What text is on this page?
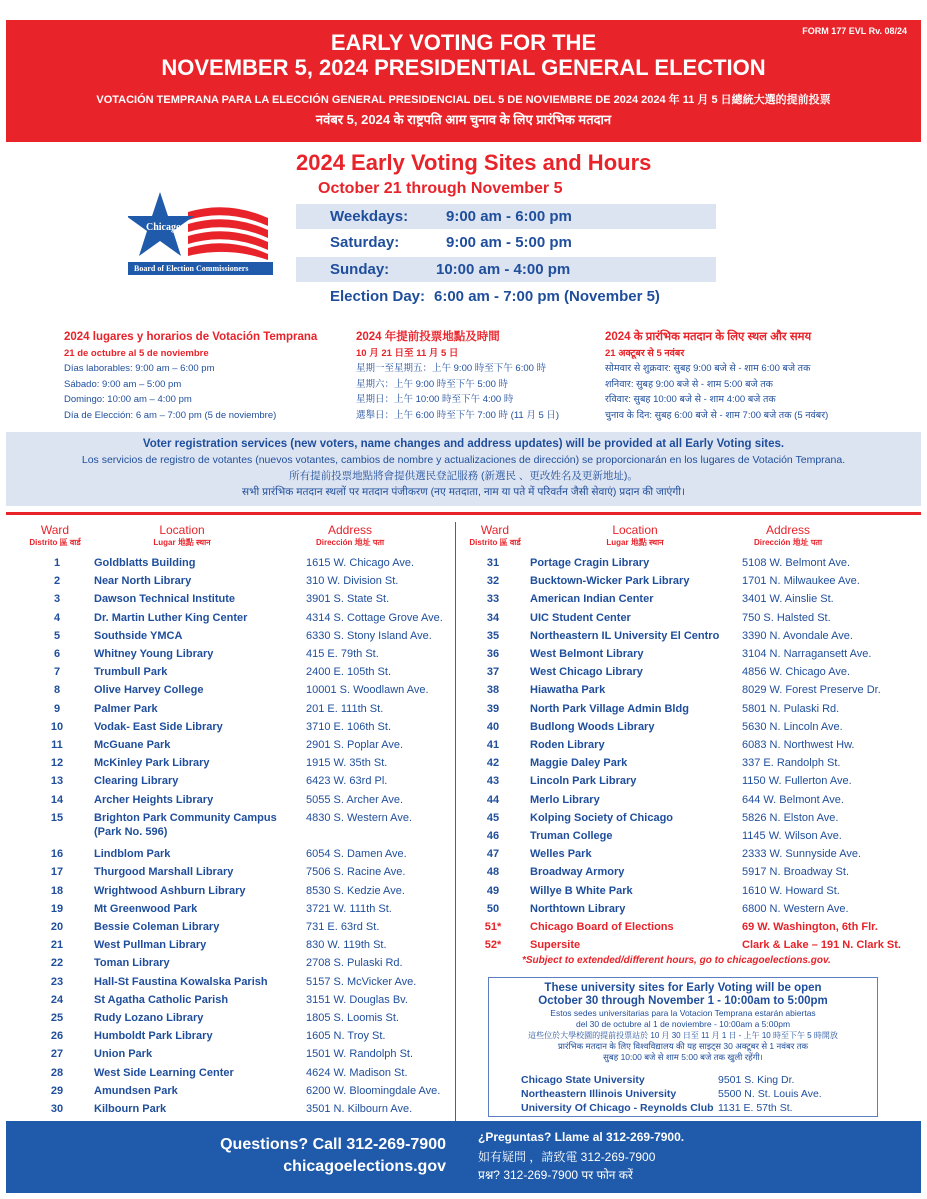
FORM 177 EVL Rv. 08/24
EARLY VOTING FOR THE
NOVEMBER 5, 2024 PRESIDENTIAL GENERAL ELECTION
VOTACIÓN TEMPRANA PARA LA ELECCIÓN GENERAL PRESIDENCIAL DEL 5 DE NOVIEMBRE DE 2024 2024 年 11 月 5 日總統大選的提前投票
नवंबर 5, 2024 के राष्ट्रपति आम चुनाव के लिए प्रारंभिक मतदान
Chicago
Board of Election Commissioners
2024 Early Voting Sites and Hours
October 21 through November 5
Weekdays:	9:00 am - 6:00 pm
Saturday:	9:00 am - 5:00 pm
Sunday:	10:00 am - 4:00 pm
Election Day: 6:00 am - 7:00 pm (November 5)
2024 lugares y horarios de Votación Temprana
21 de octubre al 5 de noviembre
Días laborables: 9:00 am – 6:00 pm
Sábado: 9:00 am – 5:00 pm
Domingo: 10:00 am – 4:00 pm
Día de Elección: 6 am – 7:00 pm (5 de noviembre)
2024 年提前投票地點及時間
10 月 21 日至 11 月 5 日
星期一至星期五：上午 9:00 時至下午 6:00 時
星期六：上午 9:00 時至下午 5:00 時
星期日：上午 10:00 時至下午 4:00 時
選舉日：上午 6:00 時至下午 7:00 時 (11 月 5 日)
2024 के प्रारंभिक मतदान के लिए स्थल और समय
21 अक्टूबर से 5 नवंबर
सोमवार से शुक्रवार: सुबह 9:00 बजे से - शाम 6:00 बजे तक
शनिवार: सुबह 9:00 बजे से - शाम 5:00 बजे तक
रविवार: सुबह 10:00 बजे से - शाम 4:00 बजे तक
चुनाव के दिन: सुबह 6:00 बजे से - शाम 7:00 बजे तक (5 नवंबर)
Voter registration services (new voters, name changes and address updates) will be provided at all Early Voting sites.
Los servicios de registro de votantes (nuevos votantes, cambios de nombre y actualizaciones de dirección) se proporcionarán en los lugares de Votación Temprana.
所有提前投票地點將會提供選民登記服務 (新選民 、更改姓名及更新地址)。
सभी प्रारंभिक मतदान स्थलों पर मतदान पंजीकरण (नए मतदाता, नाम या पते में परिवर्तन जैसी सेवाएं) प्रदान की जाएंगी।
Ward
Distrito 區 वार्ड
Location
Lugar 地點 स्थान
Address
Dirección 地址 पता
Ward
Distrito 區 वार्ड
Location
Lugar 地點 स्थान
Address
Dirección 地址 पता
1	Goldblatts Building	1615 W. Chicago Ave.
2	Near North Library	310 W. Division St.
3	Dawson Technical Institute	3901 S. State St.
4	Dr. Martin Luther King Center	4314 S. Cottage Grove Ave.
5	Southside YMCA	6330 S. Stony Island Ave.
6	Whitney Young Library	415 E. 79th St.
7	Trumbull Park	2400 E. 105th St.
8	Olive Harvey College	10001 S. Woodlawn Ave.
9	Palmer Park	201 E. 111th St.
10	Vodak- East Side Library	3710 E. 106th St.
11	McGuane Park	2901 S. Poplar Ave.
12	McKinley Park Library	1915 W. 35th St.
13	Clearing Library	6423 W. 63rd Pl.
14	Archer Heights Library	5055 S. Archer Ave.
15	Brighton Park Community Campus	4830 S. Western Ave.
(Park No. 596)
16	Lindblom Park	6054 S. Damen Ave.
17	Thurgood Marshall Library	7506 S. Racine Ave.
18	Wrightwood Ashburn Library	8530 S. Kedzie Ave.
19	Mt Greenwood Park	3721 W. 111th St.
20	Bessie Coleman Library	731 E. 63rd St.
21	West Pullman Library	830 W. 119th St.
22	Toman Library	2708 S. Pulaski Rd.
23	Hall-St Faustina Kowalska Parish	5157 S. McVicker Ave.
24	St Agatha Catholic Parish	3151 W. Douglas Bv.
25	Rudy Lozano Library	1805 S. Loomis St.
26	Humboldt Park Library	1605 N. Troy St.
27	Union Park	1501 W. Randolph St.
28	West Side Learning Center	4624 W. Madison St.
29	Amundsen Park	6200 W. Bloomingdale Ave.
30	Kilbourn Park	3501 N. Kilbourn Ave.
31	Portage Cragin Library	5108 W. Belmont Ave.
32	Bucktown-Wicker Park Library	1701 N. Milwaukee Ave.
33	American Indian Center	3401 W. Ainslie St.
34	UIC Student Center	750 S. Halsted St.
35	Northeastern IL University El Centro	3390 N. Avondale Ave.
36	West Belmont Library	3104 N. Narragansett Ave.
37	West Chicago Library	4856 W. Chicago Ave.
38	Hiawatha Park	8029 W. Forest Preserve Dr.
39	North Park Village Admin Bldg	5801 N. Pulaski Rd.
40	Budlong Woods Library	5630 N. Lincoln Ave.
41	Roden Library	6083 N. Northwest Hw.
42	Maggie Daley Park	337 E. Randolph St.
43	Lincoln Park Library	1150 W. Fullerton Ave.
44	Merlo Library	644 W. Belmont Ave.
45	Kolping Society of Chicago	5826 N. Elston Ave.
46	Truman College	1145 W. Wilson Ave.
47	Welles Park	2333 W. Sunnyside Ave.
48	Broadway Armory	5917 N. Broadway St.
49	Willye B White Park	1610 W. Howard St.
50	Northtown Library	6800 N. Western Ave.
51*	Chicago Board of Elections	69 W. Washington, 6th Flr.
52*	Supersite	Clark & Lake – 191 N. Clark St.
*Subject to extended/different hours, go to chicagoelections.gov.
These university sites for Early Voting will be open
October 30 through November 1 - 10:00am to 5:00pm
Estos sedes universitarias para la Votacion Temprana estarán abiertas
del 30 de octubre al 1 de noviembre - 10:00am a 5:00pm
這些位於大學校園的提前投票站於 10 月 30 日至 11 月 1 日 - 上午 10 時至下午 5 時開放
प्रारंभिक मतदान के लिए विश्वविद्यालय की यह साइट्स 30 अक्टूबर से 1 नवंबर तक
सुबह 10:00 बजे से शाम 5:00 बजे तक खुली रहेंगी।
Chicago State University	9501 S. King Dr.
Northeastern Illinois University	5500 N. St. Louis Ave.
University Of Chicago - Reynolds Club 1131 E. 57th St.
Questions? Call 312-269-7900
chicagoelections.gov
¿Preguntas? Llame al 312-269-7900.
如有疑問 ，請致電 312-269-7900
प्रश्न? 312-269-7900 पर फोन करें
